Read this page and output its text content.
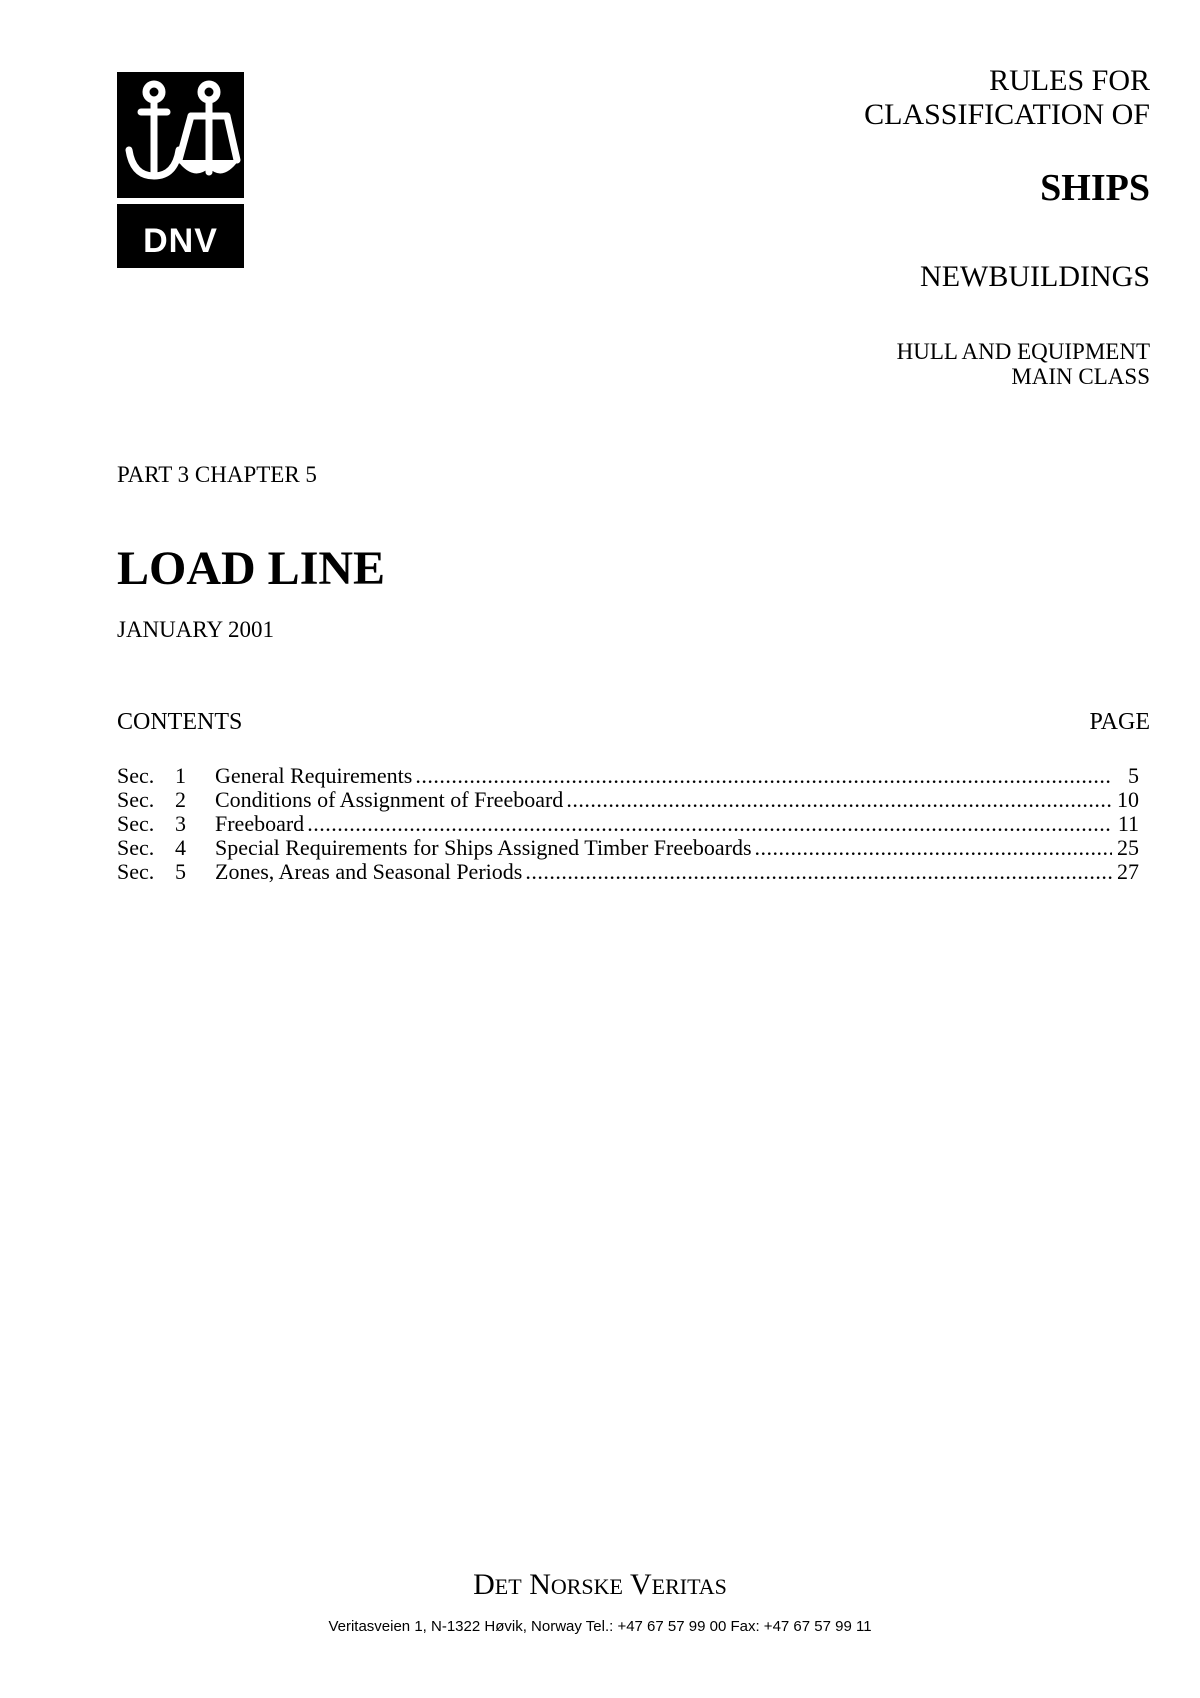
DNV
RULES FOR
CLASSIFICATION OF
SHIPS
NEWBUILDINGS
HULL AND EQUIPMENT
MAIN CLASS
PART 3 CHAPTER 5
LOAD LINE
JANUARY 2001
CONTENTS	PAGE
Sec. 1	General Requirements .....	5
Sec. 2	Conditions of Assignment of Freeboard .....	10
Sec. 3	Freeboard .....	11
Sec. 4	Special Requirements for Ships Assigned Timber Freeboards .....	25
Sec. 5	Zones, Areas and Seasonal Periods .....	27
DET NORSKE VERITAS
Veritasveien 1, N-1322 Høvik, Norway Tel.: +47 67 57 99 00 Fax: +47 67 57 99 11
